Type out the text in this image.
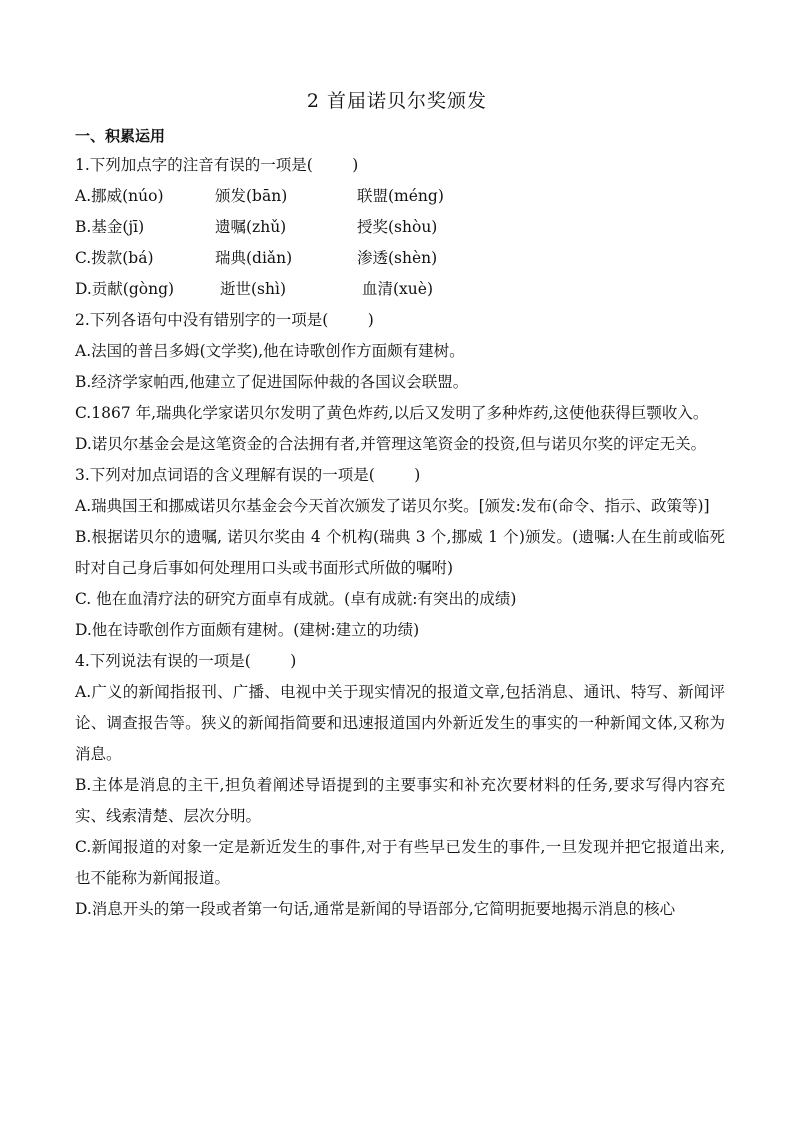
2 首届诺贝尔奖颁发
一、积累运用
1.下列加点字的注音有误的一项是(        )
A.挪威(núo)	颁发(bān)	联盟(méng)
B.基金(jī)	遗嘱(zhǔ)	授奖(shòu)
C.拨款(bá)	瑞典(diǎn)	渗透(shèn)
D.贡献(gòng)	逝世(shì)	血清(xuè)
2.下列各语句中没有错别字的一项是(        )
A.法国的普吕多姆(文学奖),他在诗歌创作方面颇有建树。
B.经济学家帕西,他建立了促进国际仲裁的各国议会联盟。
C.1867 年,瑞典化学家诺贝尔发明了黄色炸药,以后又发明了多种炸药,这使他获得巨颚收入。
D.诺贝尔基金会是这笔资金的合法拥有者,并管理这笔资金的投资,但与诺贝尔奖的评定无关。
3.下列对加点词语的含义理解有误的一项是(        )
A.瑞典国王和挪威诺贝尔基金会今天首次颁发了诺贝尔奖。[颁发:发布(命令、指示、政策等)]
B.根据诺贝尔的遗嘱, 诺贝尔奖由 4 个机构(瑞典 3 个,挪威 1 个)颁发。(遗嘱:人在生前或临死时对自己身后事如何处理用口头或书面形式所做的嘱咐)
C. 他在血清疗法的研究方面卓有成就。(卓有成就:有突出的成绩)
D.他在诗歌创作方面颇有建树。(建树:建立的功绩)
4.下列说法有误的一项是(        )
A.广义的新闻指报刊、广播、电视中关于现实情况的报道文章,包括消息、通讯、特写、新闻评论、调查报告等。狭义的新闻指简要和迅速报道国内外新近发生的事实的一种新闻文体,又称为消息。
B.主体是消息的主干,担负着阐述导语提到的主要事实和补充次要材料的任务,要求写得内容充实、线索清楚、层次分明。
C.新闻报道的对象一定是新近发生的事件,对于有些早已发生的事件,一旦发现并把它报道出来,也不能称为新闻报道。
D.消息开头的第一段或者第一句话,通常是新闻的导语部分,它简明扼要地揭示消息的核心
